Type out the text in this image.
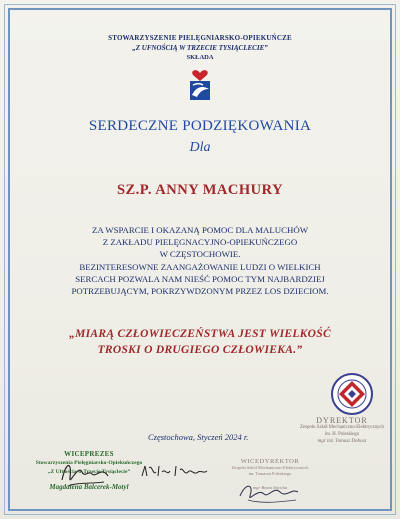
STOWARZYSZENIE PIELĘGNIARSKO-OPIEKUŃCZE
„Z UFNOŚCIĄ W TRZECIE TYSIĄCLECIE”
SKŁADA
SERDECZNE PODZIĘKOWANIA
Dla
SZ.P. ANNY MACHURY
ZA WSPARCIE I OKAZANĄ POMOC DLA MALUCHÓW
Z ZAKŁADU PIELĘGNACYJNO-OPIEKUŃCZEGO
W CZĘSTOCHOWIE.
BEZINTERESOWNE ZAANGAŻOWANIE LUDZI O WIELKICH
SERCACH POZWALA NAM NIEŚĆ POMOC TYM NAJBARDZIEJ
POTRZEBUJĄCYM, POKRZYWDZONYM PRZEZ LOS DZIECIOM.
„MIARĄ CZŁOWIECZEŃSTWA JEST WIELKOŚĆ
TROSKI O DRUGIEGO CZŁOWIEKA.”
DYREKTOR
Zespołu Szkół Mechaniczno-Elektrycznych
im. H. Poleskiego
mgr inż. Tomasz Dobosz
Częstochowa, Styczeń 2024 r.
WICEPREZES
Stowarzyszenia Pielęgniarsko-Opiekuńczego
„Z Ufnością w Trzecie Tysiąclecie”
Magdalena Balcerek-Motyl
WICEDYREKTOR
Zespołu Szkół Mechaniczno-Elektrycznych
im. Tomasza Poleskiego
mgr Beata Szpicka
